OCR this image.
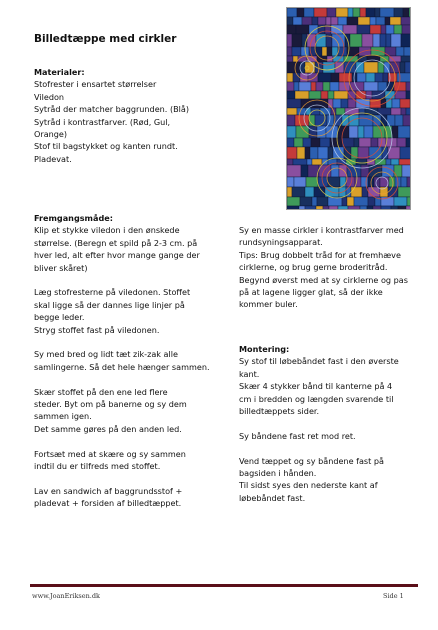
Billedtæppe med cirkler
Materialer:
Stofrester i ensartet størrelser
Viledon
Sytråd der matcher baggrunden. (Blå)
Sytråd i kontrastfarver. (Rød, Gul,
Orange)
Stof til bagstykket og kanten rundt.
Pladevat.
Fremgangsmåde:
Klip et stykke viledon i den ønskede
størrelse. (Beregn et spild på 2-3 cm. på
hver led, alt efter hvor mange gange der
bliver skåret)
Læg stofresterne på viledonen. Stoffet
skal ligge så der dannes lige linjer på
begge leder.
Stryg stoffet fast på viledonen.
Sy med bred og lidt tæt zik-zak alle
samlingerne. Så det hele hænger sammen.
Skær stoffet på den ene led flere
steder. Byt om på banerne og sy dem
sammen igen.
Det samme gøres på den anden led.
Fortsæt med at skære og sy sammen
indtil du er tilfreds med stoffet.
Lav en sandwich af baggrundsstof +
pladevat + forsiden af billedtæppet.
Sy en masse cirkler i kontrastfarver med
rundsyningsapparat.
Tips: Brug dobbelt tråd for at fremhæve
cirklerne, og brug gerne broderitråd.
Begynd øverst med at sy cirklerne og pas
på at lagene ligger glat, så der ikke
kommer buler.
Montering:
Sy stof til løbebåndet fast i den øverste
kant.
Skær 4 stykker bånd til kanterne på 4
cm i bredden og længden svarende til
billedtæppets sider.
Sy båndene fast ret mod ret.
Vend tæppet og sy båndene fast på
bagsiden i hånden.
Til sidst syes den nederste kant af
løbebåndet fast.
www.JoanEriksen.dk	Side 1
